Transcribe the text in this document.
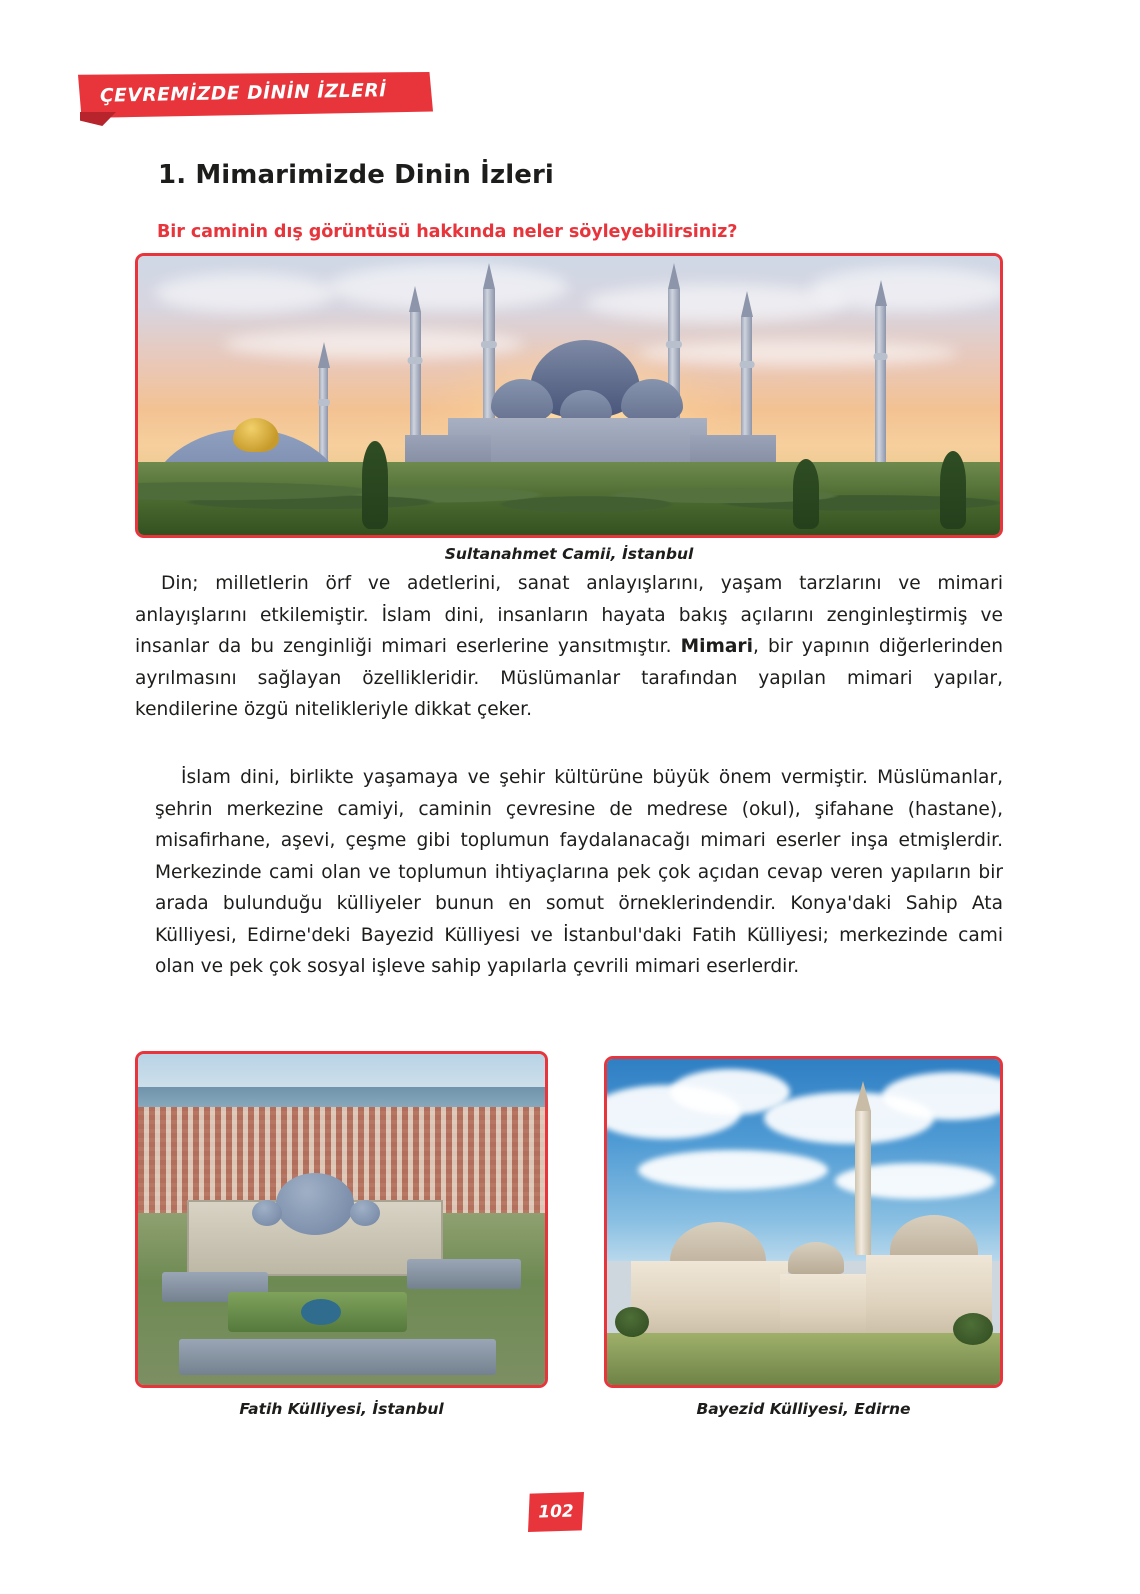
ÇEVREMİZDE DİNİN İZLERİ
1. Mimarimizde Dinin İzleri
Bir caminin dış görüntüsü hakkında neler söyleyebilirsiniz?
Sultanahmet Camii, İstanbul
Din; milletlerin örf ve adetlerini, sanat anlayışlarını, yaşam tarzlarını ve mimari anlayışlarını etkilemiştir. İslam dini, insanların hayata bakış açılarını zenginleştirmiş ve insanlar da bu zenginliği mimari eserlerine yansıtmıştır. Mimari, bir yapının diğerlerinden ayrılmasını sağlayan özellikleridir. Müslümanlar tarafından yapılan mimari yapılar, kendilerine özgü nitelikleriyle dikkat çeker.
İslam dini, birlikte yaşamaya ve şehir kültürüne büyük önem vermiştir. Müslümanlar, şehrin merkezine camiyi, caminin çevresine de medrese (okul), şifahane (hastane), misafirhane, aşevi, çeşme gibi toplumun faydalanacağı mimari eserler inşa etmişlerdir. Merkezinde cami olan ve toplumun ihtiyaçlarına pek çok açıdan cevap veren yapıların bir arada bulunduğu külliyeler bunun en somut örneklerindendir. Konya'daki Sahip Ata Külliyesi, Edirne'deki Bayezid Külliyesi ve İstanbul'daki Fatih Külliyesi; merkezinde cami olan ve pek çok sosyal işleve sahip yapılarla çevrili mimari eserlerdir.
Fatih Külliyesi, İstanbul	Bayezid Külliyesi, Edirne
102
